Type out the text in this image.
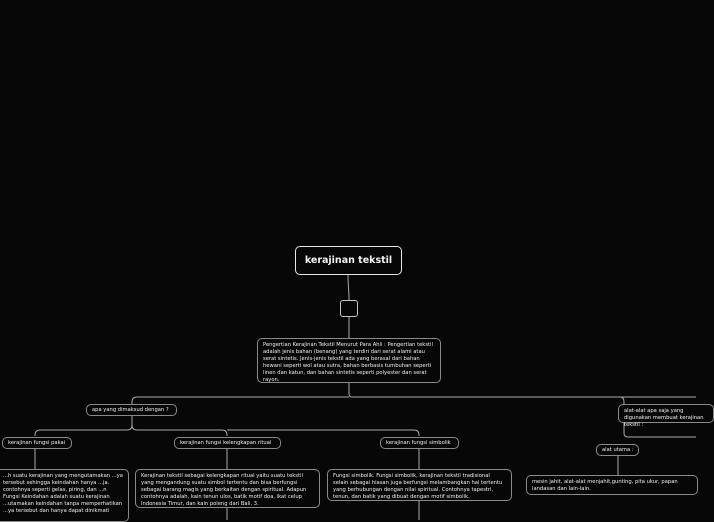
kerajinan tekstil
Pengertian Kerajinan Tekstil Menurut Para Ahli : Pengertian tekstil adalah jenis bahan (benang) yang terdiri dari serat alami atau serat sintetis. Jenis-jenis tekstil ada yang berasal dari bahan hewani seperti wol atau sutra, bahan berbasis tumbuhan seperti linen dan katun, dan bahan sintetis seperti polyester dan serat rayon.
apa yang dimaksud dengan ?	alat-alat apa saja yang digunakan membuat kerajinan tekstil :
kerajinan fungsi pakai	kerajinan fungsi kelengkapan ritual	kerajinan fungsi simbolik
alat utama :
...h suatu kerajinan yang mengutamakan ...ya tersebut sehingga keindahan hanya ...ja. contohnya seperti gelas, piring, dan ...n Fungsi Keindahan adalah suatu kerajinan ...utamakan keindahan tanpa memperhatikan ...ya tersebut dan hanya dapat dinikmati
Kerajinan tekstil sebagai kelengkapan ritual yaitu suatu tekstil yang mengandung suatu simbol tertentu dan bisa berfungsi sebagai barang magis yang berkaitan dengan spiritual. Adapun contohnya adalah, kain tenun ulos, batik motif doa, ikat celup Indonesia Timur, dan kain poleng dari Bali. 3.
Fungsi simbolik. Fungsi simbolik, kerajinan tekstil tradisional selain sebagai hiasan juga berfungsi melambangkan hal tertentu yang berhubungan dengan nilai spiritual. Contohnya tapestri, tenun, dan batik yang dibuat dengan motif simbolik.
mesin jahit, alat-alat menjahit,gunting, pita ukur, papan landasan dan lain-lain.
